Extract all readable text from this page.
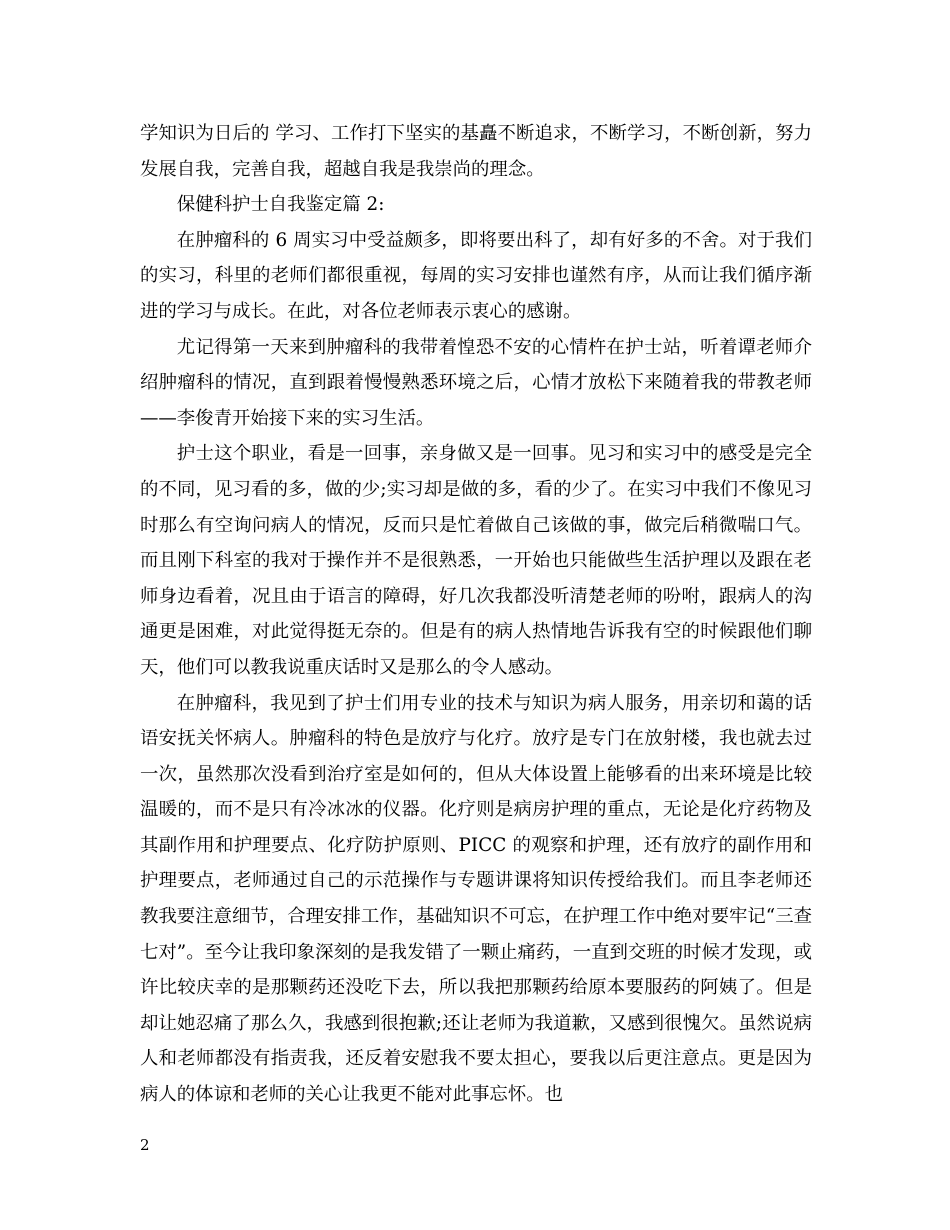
学知识为日后的 学习、工作打下坚实的基矗不断追求，不断学习，不断创新，努力发展自我，完善自我，超越自我是我崇尚的理念。

保健科护士自我鉴定篇 2:

在肿瘤科的 6 周实习中受益颇多，即将要出科了，却有好多的不舍。对于我们的实习，科里的老师们都很重视，每周的实习安排也谨然有序，从而让我们循序渐进的学习与成长。在此，对各位老师表示衷心的感谢。

尤记得第一天来到肿瘤科的我带着惶恐不安的心情杵在护士站，听着谭老师介绍肿瘤科的情况，直到跟着慢慢熟悉环境之后，心情才放松下来随着我的带教老师——李俊青开始接下来的实习生活。

护士这个职业，看是一回事，亲身做又是一回事。见习和实习中的感受是完全的不同，见习看的多，做的少;实习却是做的多，看的少了。在实习中我们不像见习时那么有空询问病人的情况，反而只是忙着做自己该做的事，做完后稍微喘口气。而且刚下科室的我对于操作并不是很熟悉，一开始也只能做些生活护理以及跟在老师身边看着，况且由于语言的障碍，好几次我都没听清楚老师的吩咐，跟病人的沟通更是困难，对此觉得挺无奈的。但是有的病人热情地告诉我有空的时候跟他们聊天，他们可以教我说重庆话时又是那么的令人感动。

在肿瘤科，我见到了护士们用专业的技术与知识为病人服务，用亲切和蔼的话语安抚关怀病人。肿瘤科的特色是放疗与化疗。放疗是专门在放射楼，我也就去过一次，虽然那次没看到治疗室是如何的，但从大体设置上能够看的出来环境是比较温暖的，而不是只有冷冰冰的仪器。化疗则是病房护理的重点，无论是化疗药物及其副作用和护理要点、化疗防护原则、PICC 的观察和护理，还有放疗的副作用和护理要点，老师通过自己的示范操作与专题讲课将知识传授给我们。而且李老师还教我要注意细节，合理安排工作，基础知识不可忘，在护理工作中绝对要牢记“三查七对”。至今让我印象深刻的是我发错了一颗止痛药，一直到交班的时候才发现，或许比较庆幸的是那颗药还没吃下去，所以我把那颗药给原本要服药的阿姨了。但是却让她忍痛了那么久，我感到很抱歉;还让老师为我道歉，又感到很愧欠。虽然说病人和老师都没有指责我，还反着安慰我不要太担心，要我以后更注意点。更是因为病人的体谅和老师的关心让我更不能对此事忘怀。也

2
